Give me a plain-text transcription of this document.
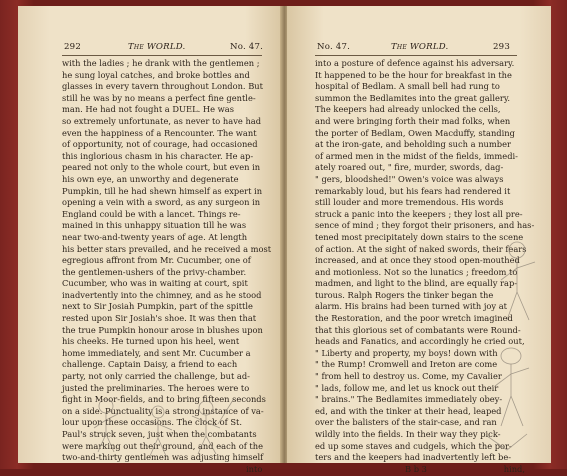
292	The WORLD.	No. 47.
with the ladies ; he drank with the gentlemen ;
he sung loyal catches, and broke bottles and
glasses in every tavern throughout London. But
still he was by no means a perfect fine gentle-
man. He had not fought a DUEL. He was
so extremely unfortunate, as never to have had
even the happiness of a Rencounter. The want
of opportunity, not of courage, had occasioned
this inglorious chasm in his character. He ap-
peared not only to the whole court, but even in
his own eye, an unworthy and degenerate
Pumpkin, till he had shewn himself as expert in
opening a vein with a sword, as any surgeon in
England could be with a lancet. Things re-
mained in this unhappy situation till he was
near two-and-twenty years of age. At length
his better stars prevailed, and he received a most
egregious affront from Mr. Cucumber, one of
the gentlemen-ushers of the privy-chamber.
Cucumber, who was in waiting at court, spit
inadvertently into the chimney, and as he stood
next to Sir Josiah Pumpkin, part of the spittle
rested upon Sir Josiah's shoe. It was then that
the true Pumpkin honour arose in blushes upon
his cheeks. He turned upon his heel, went
home immediately, and sent Mr. Cucumber a
challenge. Captain Daisy, a friend to each
party, not only carried the challenge, but ad-
justed the preliminaries. The heroes were to
fight in Moor-fields, and to bring fifteen seconds
on a side. Punctuality is a strong instance of va-
lour upon these occasions. The clock of St.
Paul's struck seven, just when the combatants
were marking out their ground, and each of the
two-and-thirty gentlemen was adjusting himself
into
No. 47.	The WORLD.	293
into a posture of defence against his adversary.
It happened to be the hour for breakfast in the
hospital of Bedlam. A small bell had rung to
summon the Bedlamites into the great gallery.
The keepers had already unlocked the cells,
and were bringing forth their mad folks, when
the porter of Bedlam, Owen Macduffy, standing
at the iron-gate, and beholding such a number
of armed men in the midst of the fields, immedi-
ately roared out, " fire, murder, swords, dag-
" gers, bloodshed!" Owen's voice was always
remarkably loud, but his fears had rendered it
still louder and more tremendous. His words
struck a panic into the keepers ; they lost all pre-
sence of mind ; they forgot their prisoners, and has-
tened most precipitately down stairs to the scene
of action. At the sight of naked swords, their fears
increased, and at once they stood open-mouthed
and motionless. Not so the lunatics ; freedom to
madmen, and light to the blind, are equally rap-
turous. Ralph Rogers the tinker began the
alarm. His brains had been turned with joy at
the Restoration, and the poor wretch imagined
that this glorious set of combatants were Round-
heads and Fanatics, and accordingly he cried out,
" Liberty and property, my boys! down with
" the Rump! Cromwell and Ireton are come
" from hell to destroy us. Come, my Cavalier
" lads, follow me, and let us knock out their
" brains." The Bedlamites immediately obey-
ed, and with the tinker at their head, leaped
over the balisters of the stair-case, and ran
wildly into the fields. In their way they pick-
ed up some staves and cudgels, which the por-
ters and the keepers had inadvertently left be-
hind,
B b 3
